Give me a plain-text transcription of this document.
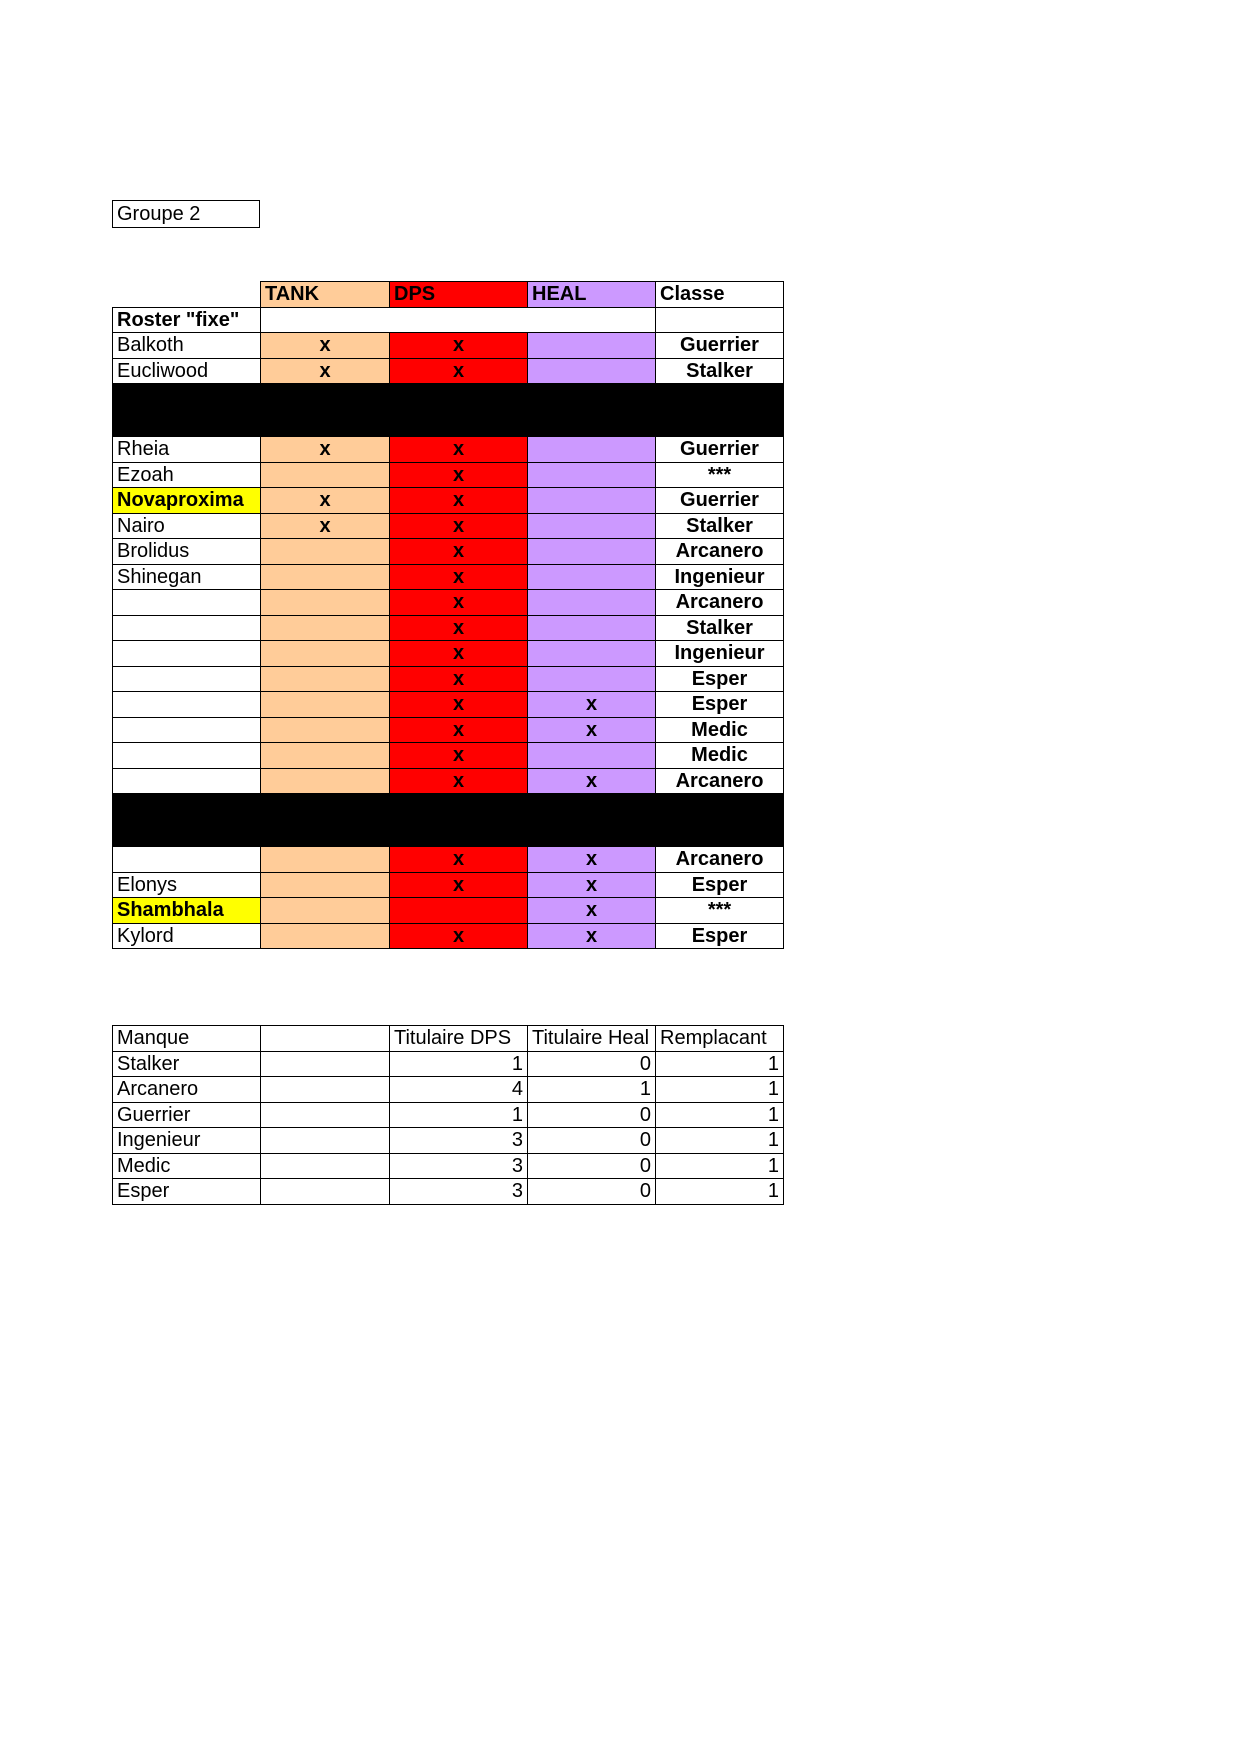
Groupe 2
	TANK	DPS	HEAL	Classe
Roster "fixe"				
Balkoth	x	x		Guerrier
Eucliwood	x	x		Stalker

Rheia	x	x		Guerrier
Ezoah		x		***
Novaproxima	x	x		Guerrier
Nairo	x	x		Stalker
Brolidus		x		Arcanero
Shinegan		x		Ingenieur
		x		Arcanero
		x		Stalker
		x		Ingenieur
		x		Esper
		x	x	Esper
		x	x	Medic
		x		Medic
		x	x	Arcanero

		x	x	Arcanero
Elonys		x	x	Esper
Shambhala			x	***
Kylord		x	x	Esper
Manque		Titulaire DPS	Titulaire Heal	Remplacant
Stalker		1	0	1
Arcanero		4	1	1
Guerrier		1	0	1
Ingenieur		3	0	1
Medic		3	0	1
Esper		3	0	1
